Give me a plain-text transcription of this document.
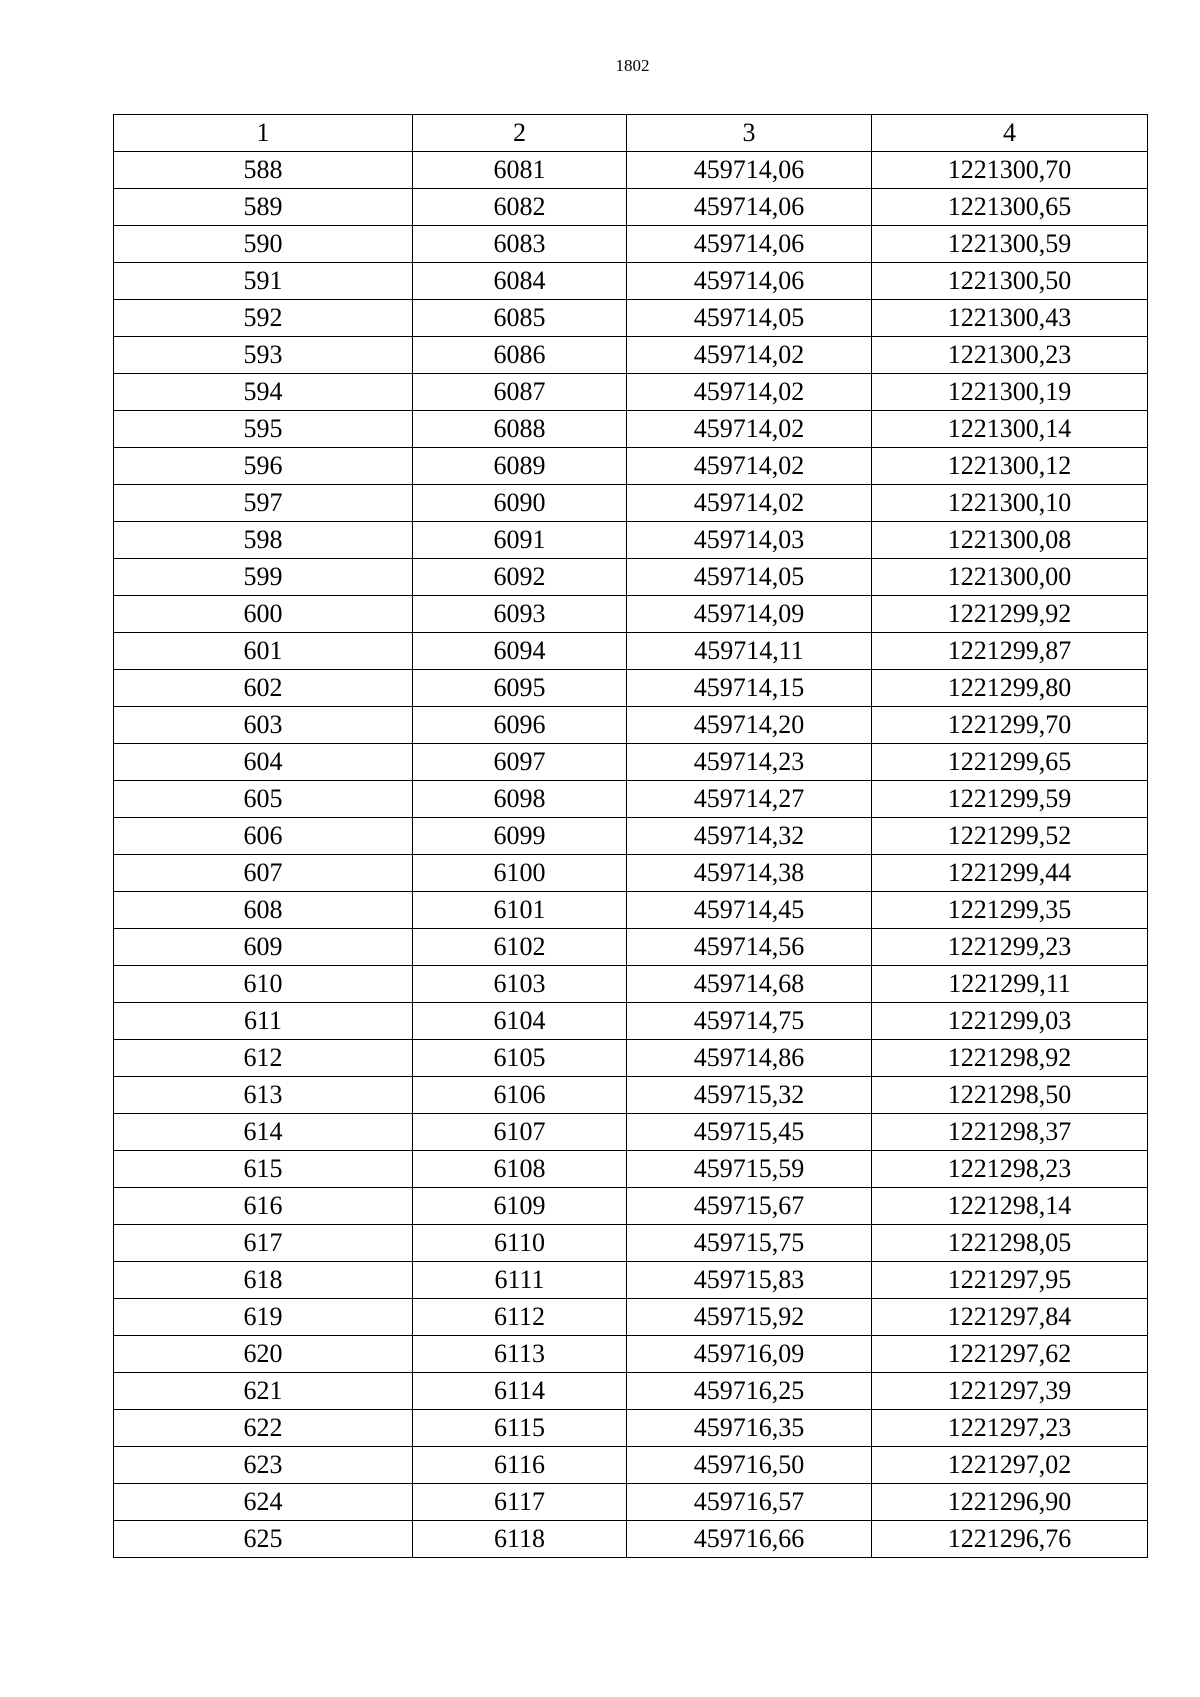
1802
1	2	3	4
588	6081	459714,06	1221300,70
589	6082	459714,06	1221300,65
590	6083	459714,06	1221300,59
591	6084	459714,06	1221300,50
592	6085	459714,05	1221300,43
593	6086	459714,02	1221300,23
594	6087	459714,02	1221300,19
595	6088	459714,02	1221300,14
596	6089	459714,02	1221300,12
597	6090	459714,02	1221300,10
598	6091	459714,03	1221300,08
599	6092	459714,05	1221300,00
600	6093	459714,09	1221299,92
601	6094	459714,11	1221299,87
602	6095	459714,15	1221299,80
603	6096	459714,20	1221299,70
604	6097	459714,23	1221299,65
605	6098	459714,27	1221299,59
606	6099	459714,32	1221299,52
607	6100	459714,38	1221299,44
608	6101	459714,45	1221299,35
609	6102	459714,56	1221299,23
610	6103	459714,68	1221299,11
611	6104	459714,75	1221299,03
612	6105	459714,86	1221298,92
613	6106	459715,32	1221298,50
614	6107	459715,45	1221298,37
615	6108	459715,59	1221298,23
616	6109	459715,67	1221298,14
617	6110	459715,75	1221298,05
618	6111	459715,83	1221297,95
619	6112	459715,92	1221297,84
620	6113	459716,09	1221297,62
621	6114	459716,25	1221297,39
622	6115	459716,35	1221297,23
623	6116	459716,50	1221297,02
624	6117	459716,57	1221296,90
625	6118	459716,66	1221296,76
